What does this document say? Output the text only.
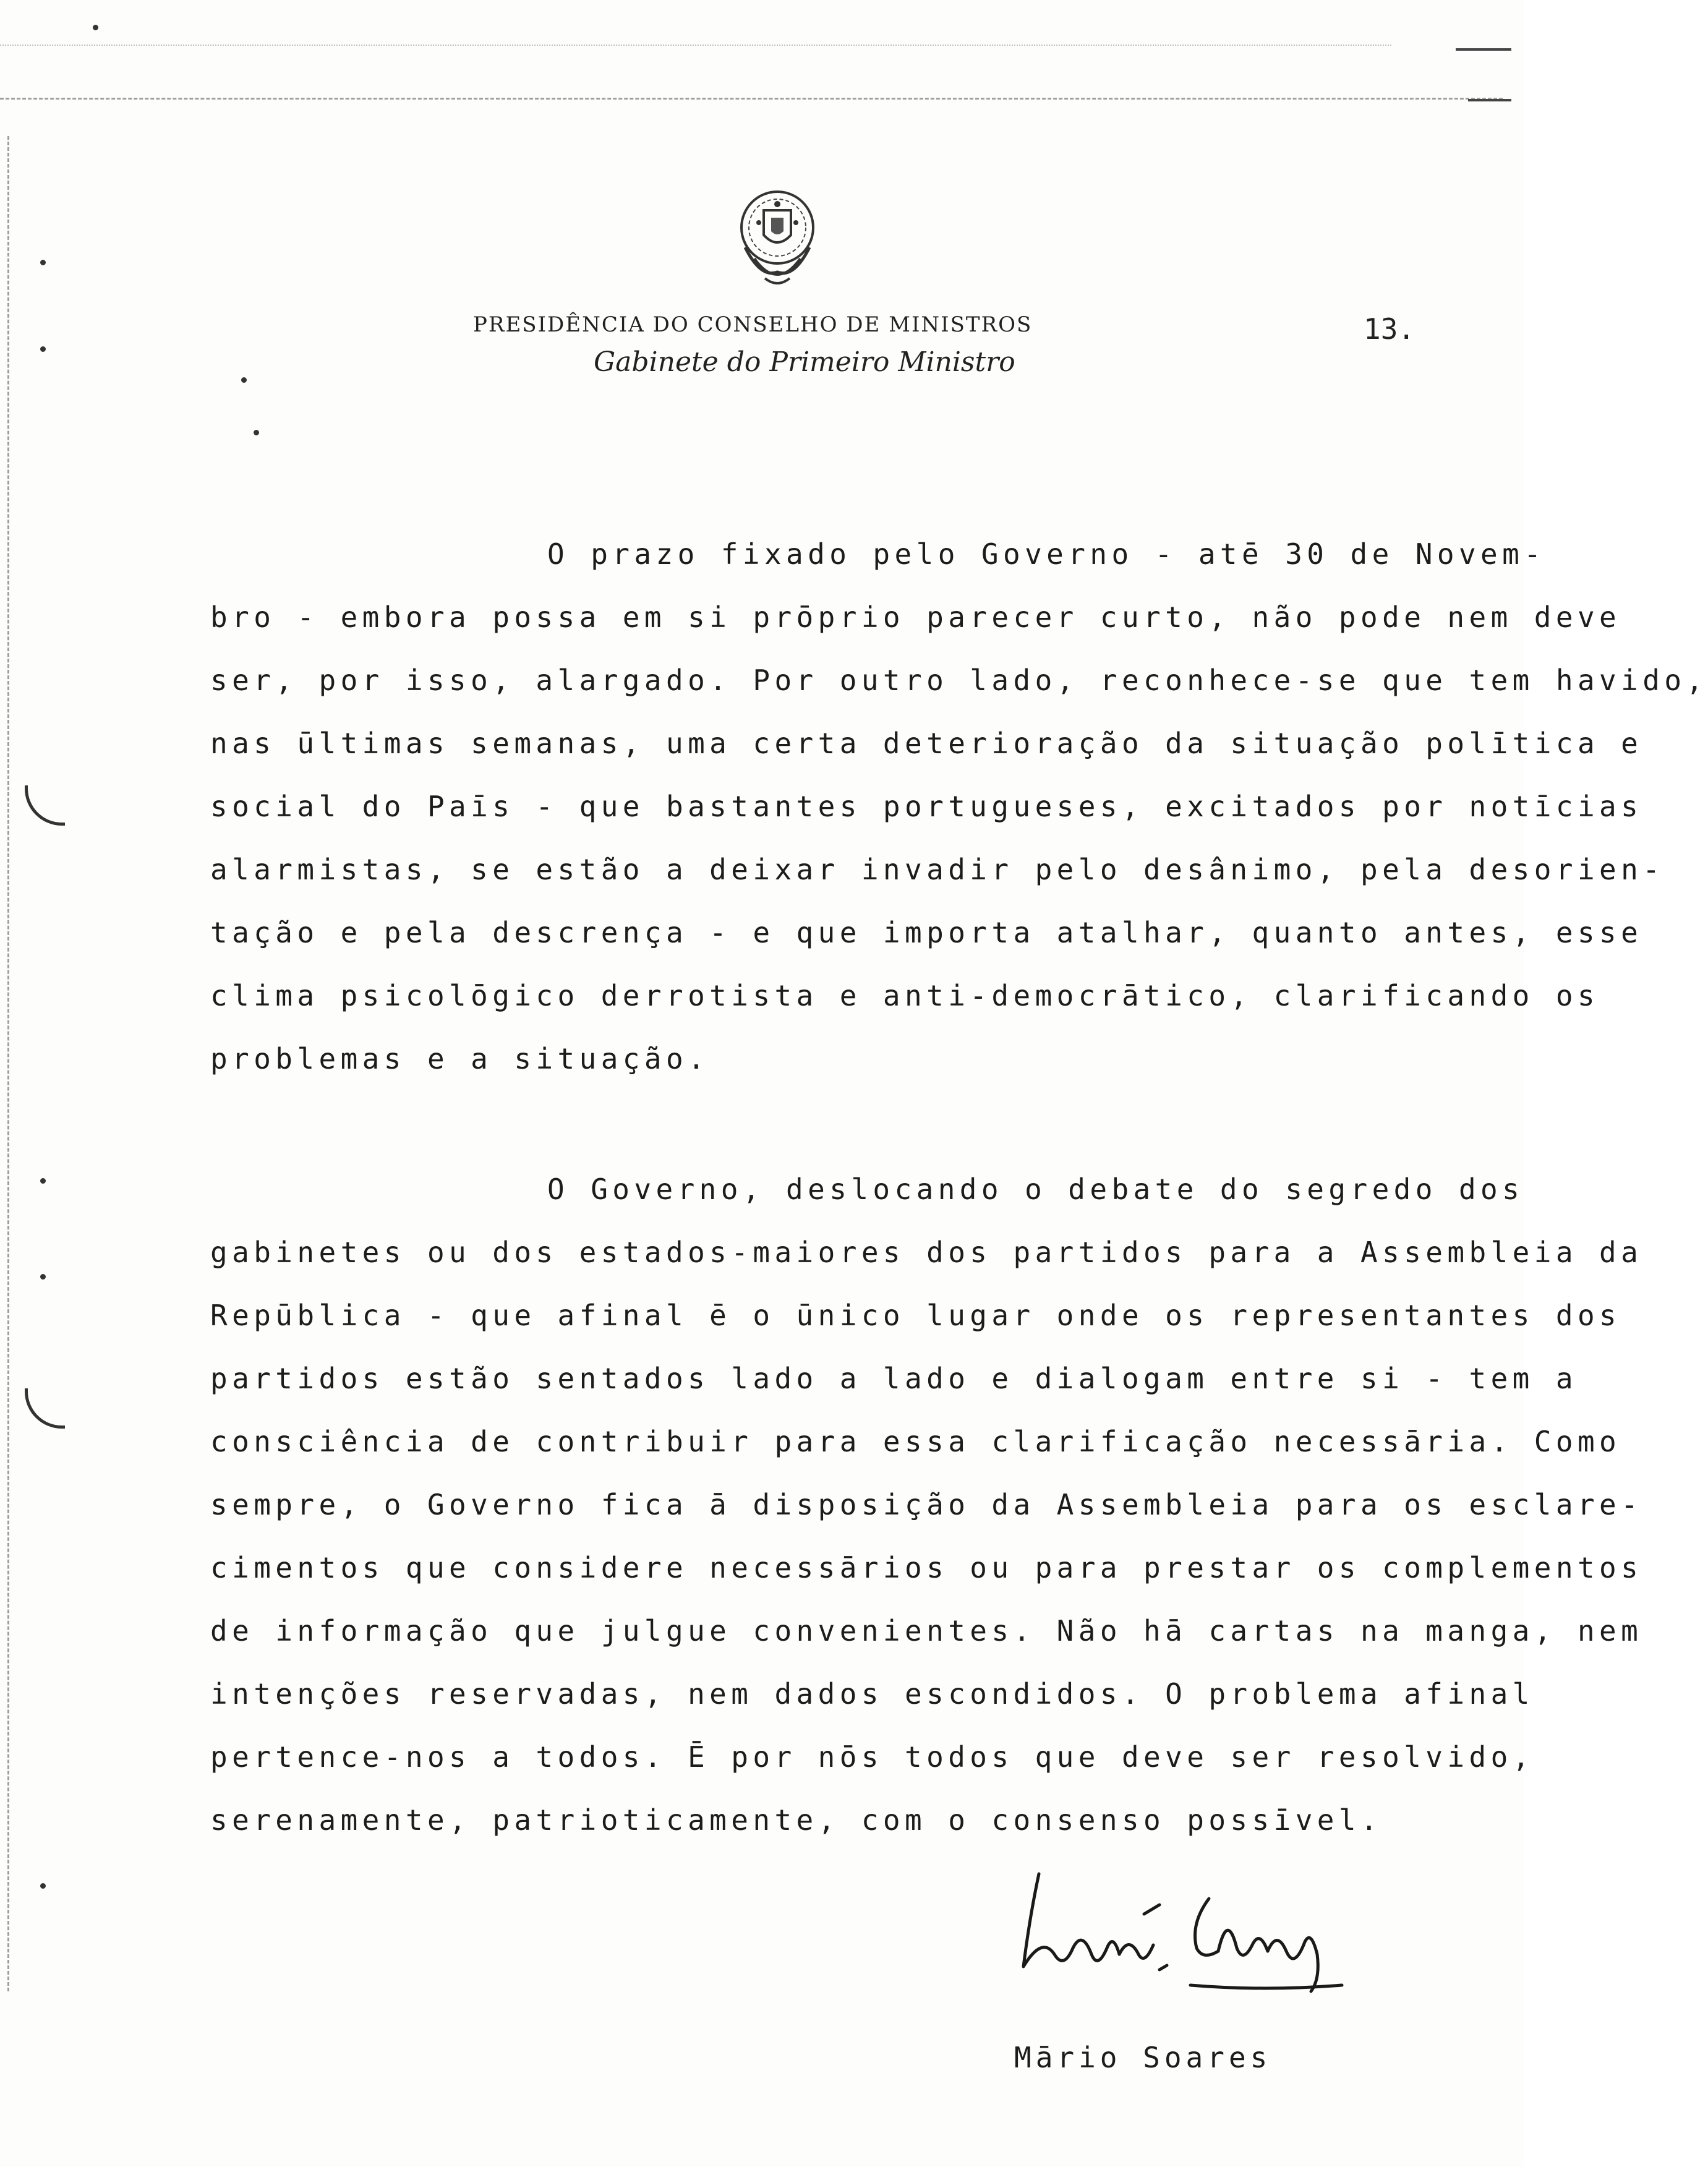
PRESIDÊNCIA DO CONSELHO DE MINISTROS
Gabinete do Primeiro Ministro
13.
O prazo fixado pelo Governo - atē 30 de Novem-
bro - embora possa em si prōprio parecer curto, não pode nem deve
ser, por isso, alargado. Por outro lado, reconhece-se que tem havido,
nas ūltimas semanas, uma certa deterioração da situação polītica e
social do Paīs - que bastantes portugueses, excitados por notīcias
alarmistas, se estão a deixar invadir pelo desânimo, pela desorien-
tação e pela descrença - e que importa atalhar, quanto antes, esse
clima psicolōgico derrotista e anti-democrātico, clarificando os
problemas e a situação.
O Governo, deslocando o debate do segredo dos
gabinetes ou dos estados-maiores dos partidos para a Assembleia da
Repūblica - que afinal ē o ūnico lugar onde os representantes dos
partidos estão sentados lado a lado e dialogam entre si - tem a
consciência de contribuir para essa clarificação necessāria. Como
sempre, o Governo fica ā disposição da Assembleia para os esclare-
cimentos que considere necessārios ou para prestar os complementos
de informação que julgue convenientes. Não hā cartas na manga, nem
intenções reservadas, nem dados escondidos. O problema afinal
pertence-nos a todos. Ē por nōs todos que deve ser resolvido,
serenamente, patrioticamente, com o consenso possīvel.
Mārio Soares
